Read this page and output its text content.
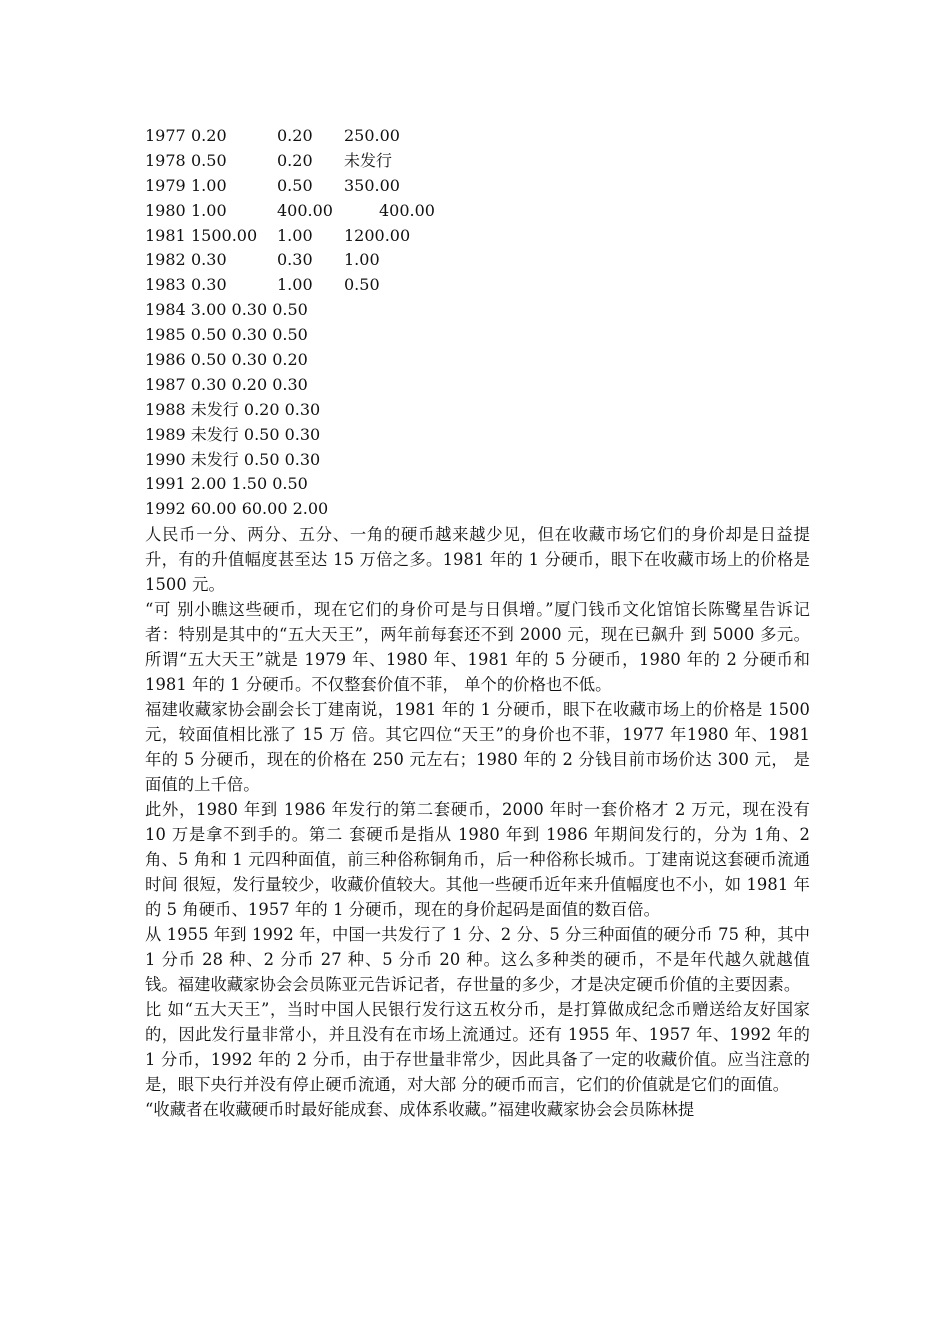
1977 0.20	0.20 250.00
1978 0.50	0.20 未发行
1979 1.00	0.50 350.00
1980 1.00	400.00	400.00
1981 1500.00 1.00 1200.00
1982 0.30	0.30 1.00
1983 0.30	1.00 0.50
1984 3.00 0.30 0.50
1985 0.50 0.30 0.50
1986 0.50 0.30 0.20
1987 0.30 0.20 0.30
1988 未发行 0.20 0.30
1989 未发行 0.50 0.30
1990 未发行 0.50 0.30
1991 2.00 1.50 0.50
1992 60.00 60.00 2.00

人民币一分、两分、五分、一角的硬币越来越少见，但在收藏市场它们的身价却是日益提升，有的升值幅度甚至达 15 万倍之多。1981 年的 1 分硬币，眼下在收藏市场上的价格是 1500 元。

“可 别小瞧这些硬币，现在它们的身价可是与日俱增。”厦门钱币文化馆馆长陈鹭星告诉记者：特别是其中的“五大天王”，两年前每套还不到 2000 元，现在已飙升 到 5000 多元。所谓“五大天王”就是 1979 年、1980 年、1981 年的 5 分硬币，1980 年的 2 分硬币和 1981 年的 1 分硬币。不仅整套价值不菲， 单个的价格也不低。

福建收藏家协会副会长丁建南说，1981 年的 1 分硬币，眼下在收藏市场上的价格是 1500 元，较面值相比涨了 15 万 倍。其它四位“天王”的身价也不菲，1977 年1980 年、1981 年的 5 分硬币，现在的价格在 250 元左右；1980 年的 2 分钱目前市场价达 300 元， 是面值的上千倍。

此外，1980 年到 1986 年发行的第二套硬币，2000 年时一套价格才 2 万元，现在没有 10 万是拿不到手的。第二 套硬币是指从 1980 年到 1986 年期间发行的，分为 1角、2 角、5 角和 1 元四种面值，前三种俗称铜角币，后一种俗称长城币。丁建南说这套硬币流通时间 很短，发行量较少，收藏价值较大。其他一些硬币近年来升值幅度也不小，如 1981 年的 5 角硬币、1957 年的 1 分硬币，现在的身价起码是面值的数百倍。

从 1955 年到 1992 年，中国一共发行了 1 分、2 分、5 分三种面值的硬分币 75 种，其中 1 分币 28 种、2 分币 27 种、5 分币 20 种。这么多种类的硬币，不是年代越久就越值钱。福建收藏家协会会员陈亚元告诉记者，存世量的多少，才是决定硬币价值的主要因素。

比 如“五大天王”，当时中国人民银行发行这五枚分币，是打算做成纪念币赠送给友好国家的，因此发行量非常小，并且没有在市场上流通过。还有 1955 年、1957 年、1992 年的 1 分币，1992 年的 2 分币，由于存世量非常少，因此具备了一定的收藏价值。应当注意的是，眼下央行并没有停止硬币流通，对大部 分的硬币而言，它们的价值就是它们的面值。

“收藏者在收藏硬币时最好能成套、成体系收藏。”福建收藏家协会会员陈林提
